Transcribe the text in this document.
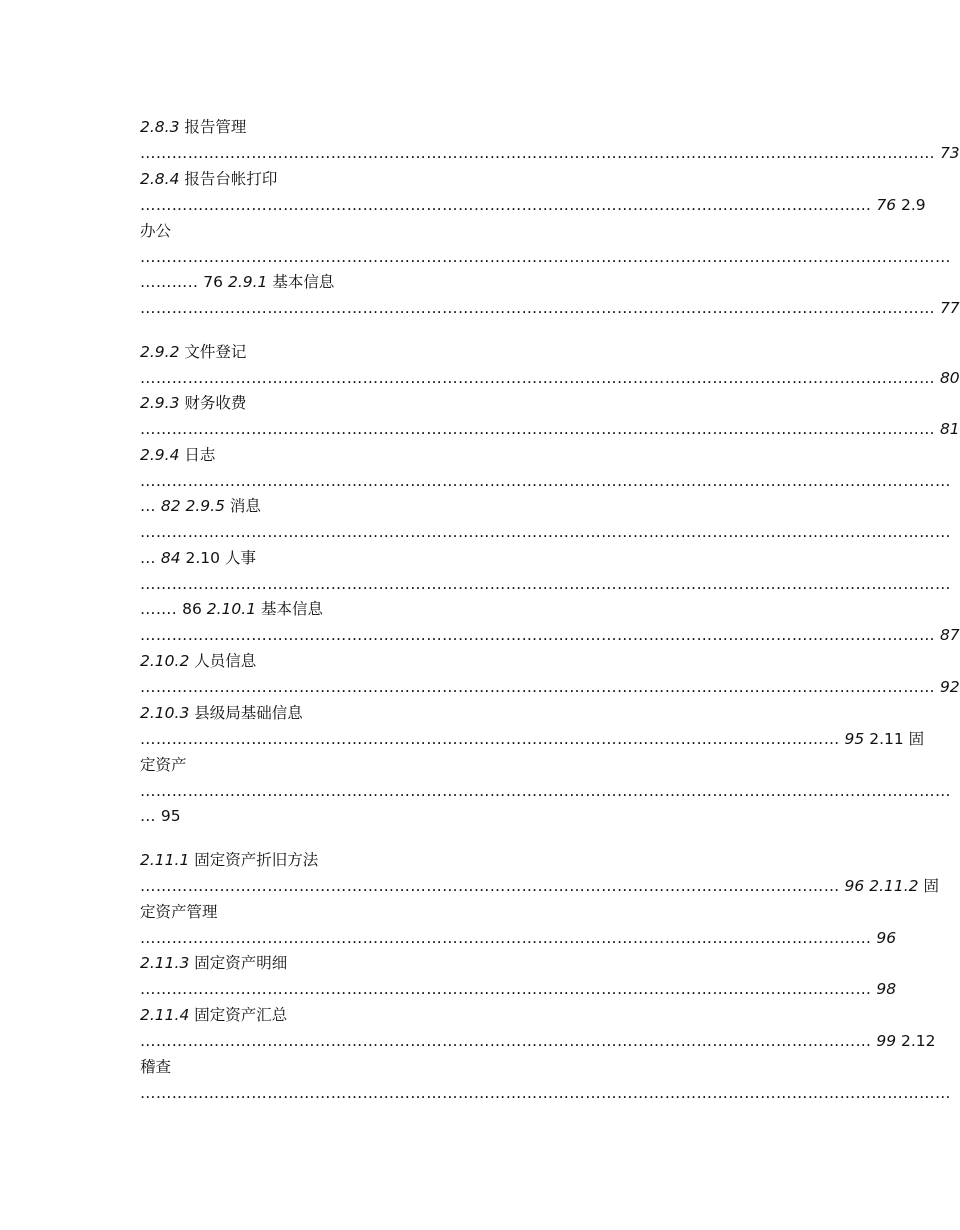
2.8.3 报告管理
…………………………………………………………………………………………………………………………………… 73
2.8.4 报告台帐打印
………………………………………………………………………………………………………………………… 76 2.9
办公
………………………………………………………………………………………………………………………………………
……….. 76 2.9.1 基本信息
…………………………………………………………………………………………………………………………………… 77
2.9.2 文件登记
…………………………………………………………………………………………………………………………………… 80
2.9.3 财务收费
…………………………………………………………………………………………………………………………………… 81
2.9.4 日志
………………………………………………………………………………………………………………………………………
… 82 2.9.5 消息
………………………………………………………………………………………………………………………………………
… 84 2.10 人事
………………………………………………………………………………………………………………………………………
……. 86 2.10.1 基本信息
…………………………………………………………………………………………………………………………………… 87
2.10.2 人员信息
…………………………………………………………………………………………………………………………………… 92
2.10.3 县级局基础信息
…………………………………………………………………………………………………………………… 95 2.11 固
定资产
………………………………………………………………………………………………………………………………………
… 95
2.11.1 固定资产折旧方法
…………………………………………………………………………………………………………………… 96 2.11.2 固
定资产管理
………………………………………………………………………………………………………………………… 96
2.11.3 固定资产明细
………………………………………………………………………………………………………………………… 98
2.11.4 固定资产汇总
………………………………………………………………………………………………………………………… 99 2.12
稽查
………………………………………………………………………………………………………………………………………
